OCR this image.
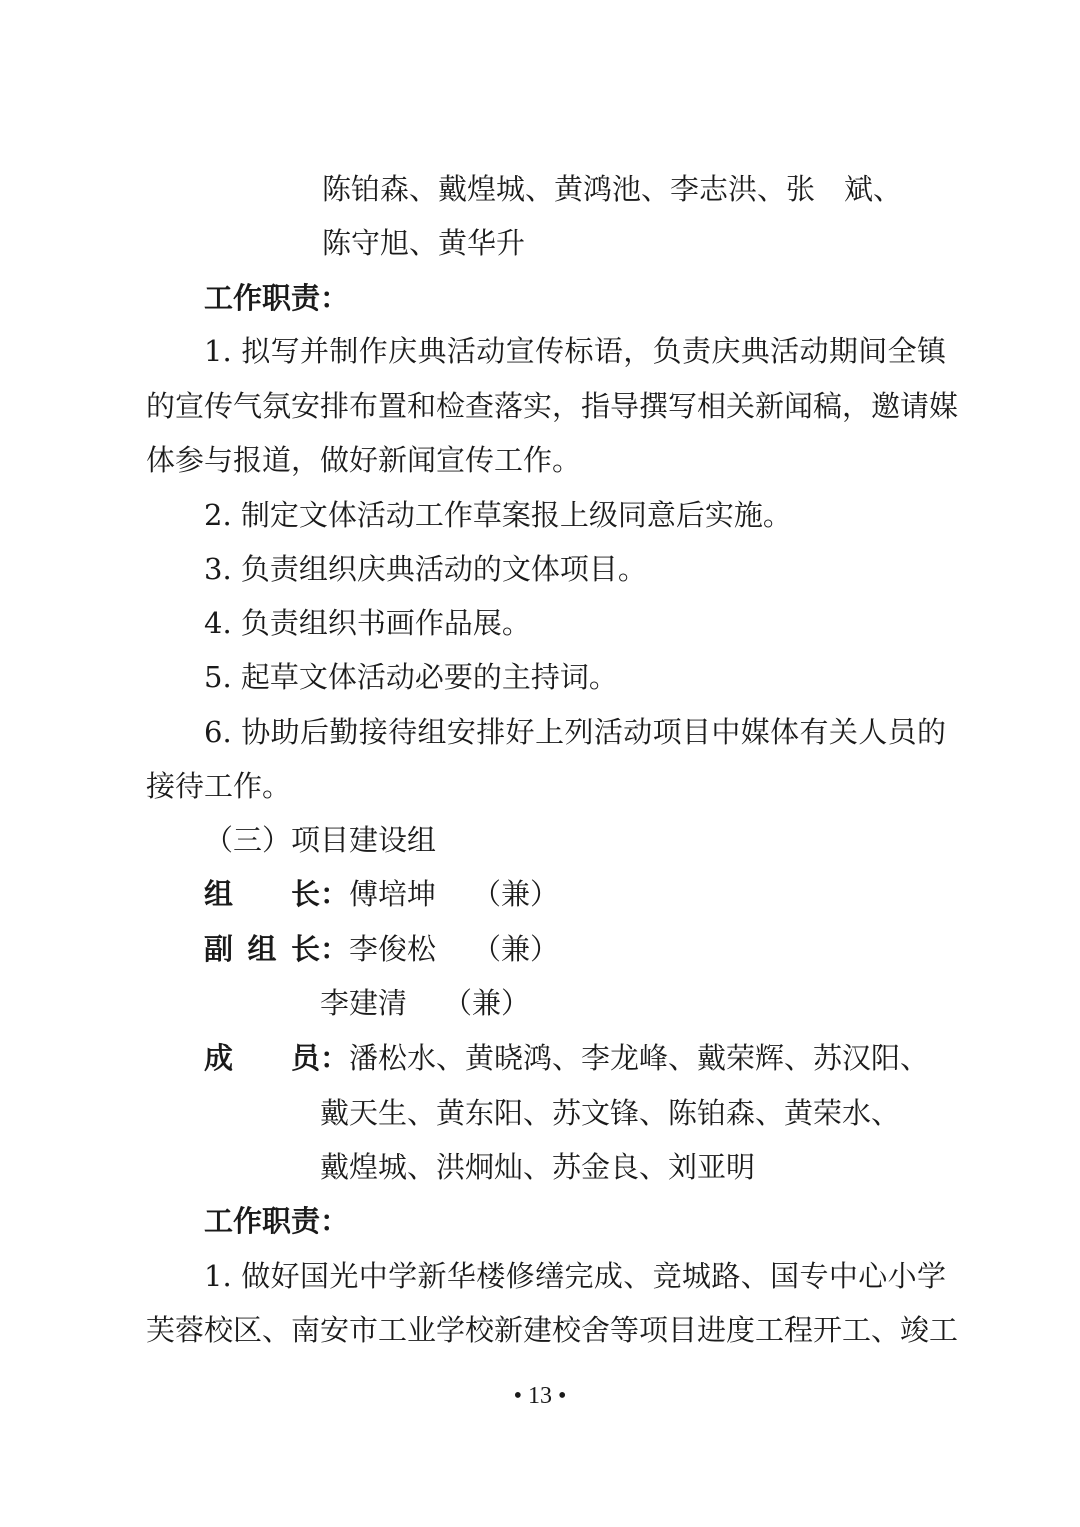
陈铂森、戴煌城、黄鸿池、李志洪、张　斌、
陈守旭、黄华升
工作职责：
1. 拟写并制作庆典活动宣传标语，负责庆典活动期间全镇
的宣传气氛安排布置和检查落实，指导撰写相关新闻稿，邀请媒
体参与报道，做好新闻宣传工作。
2. 制定文体活动工作草案报上级同意后实施。
3. 负责组织庆典活动的文体项目。
4. 负责组织书画作品展。
5. 起草文体活动必要的主持词。
6. 协助后勤接待组安排好上列活动项目中媒体有关人员的
接待工作。
（三）项目建设组
组　长：傅培坤 （兼）
副组长：李俊松 （兼）
李建清 （兼）
成　员：潘松水、黄晓鸿、李龙峰、戴荣辉、苏汉阳、
戴天生、黄东阳、苏文锋、陈铂森、黄荣水、
戴煌城、洪炯灿、苏金良、刘亚明
工作职责：
1. 做好国光中学新华楼修缮完成、竞城路、国专中心小学
芙蓉校区、南安市工业学校新建校舍等项目进度工程开工、竣工
• 13 •
